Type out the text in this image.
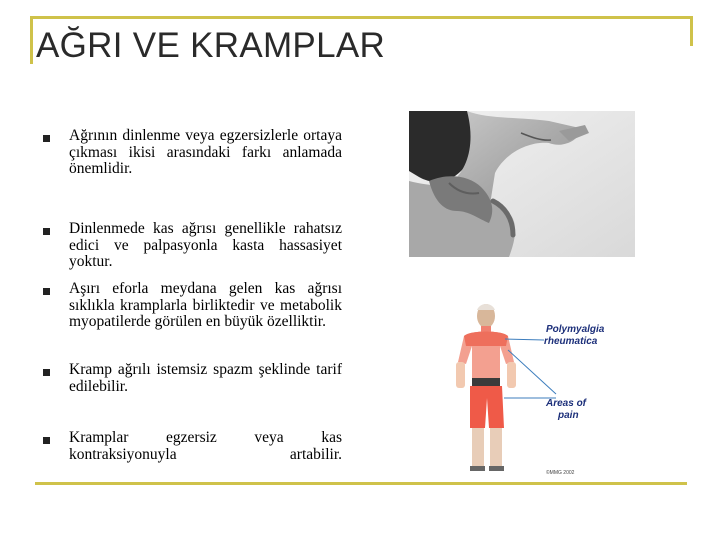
AĞRI VE KRAMPLAR
Ağrının dinlenme veya egzersizlerle ortaya çıkması ikisi arasındaki farkı anlamada önemlidir.
Dinlenmede kas ağrısı genellikle rahatsız edici ve palpasyonla kasta hassasiyet yoktur.
Aşırı eforla meydana gelen kas ağrısı sıklıkla kramplarla birliktedir ve metabolik myopatilerde görülen en büyük özelliktir.
Kramp ağrılı istemsiz spazm şeklinde tarif edilebilir.
Kramplar egzersiz veya kas kontraksiyonuyla artabilir.
Polymyalgia
rheumatica
Areas of
pain
©MMG 2002
